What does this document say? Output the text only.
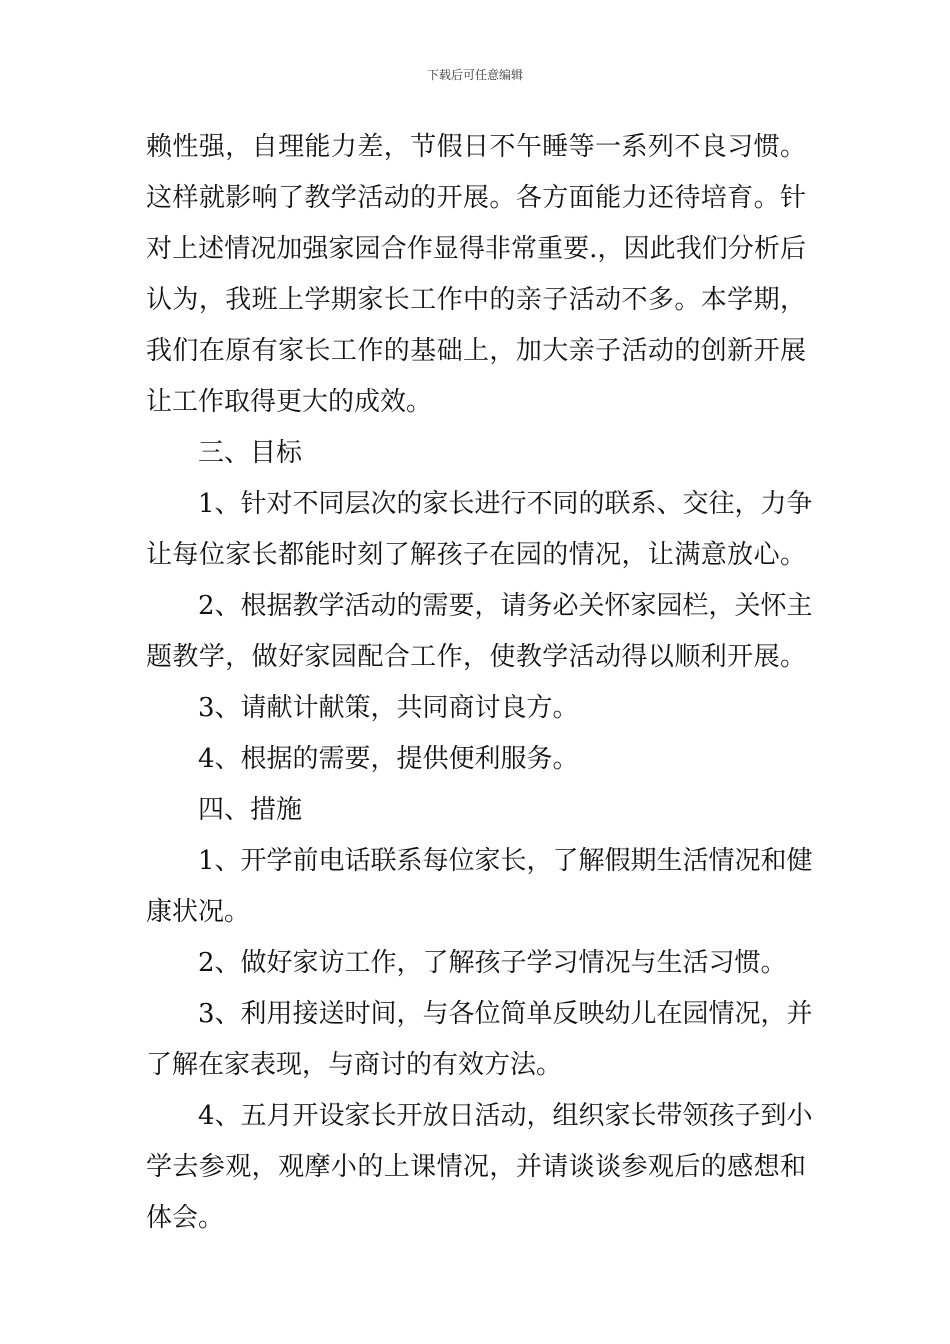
下载后可任意编辑
赖性强，自理能力差，节假日不午睡等一系列不良习惯。
这样就影响了教学活动的开展。各方面能力还待培育。针
对上述情况加强家园合作显得非常重要.，因此我们分析后
认为，我班上学期家长工作中的亲子活动不多。本学期，
我们在原有家长工作的基础上，加大亲子活动的创新开展
让工作取得更大的成效。
三、目标
1、针对不同层次的家长进行不同的联系、交往，力争
让每位家长都能时刻了解孩子在园的情况，让满意放心。
2、根据教学活动的需要，请务必关怀家园栏，关怀主
题教学，做好家园配合工作，使教学活动得以顺利开展。
3、请献计献策，共同商讨良方。
4、根据的需要，提供便利服务。
四、措施
1、开学前电话联系每位家长，了解假期生活情况和健
康状况。
2、做好家访工作，了解孩子学习情况与生活习惯。
3、利用接送时间，与各位简单反映幼儿在园情况，并
了解在家表现，与商讨的有效方法。
4、五月开设家长开放日活动，组织家长带领孩子到小
学去参观，观摩小的上课情况，并请谈谈参观后的感想和
体会。
